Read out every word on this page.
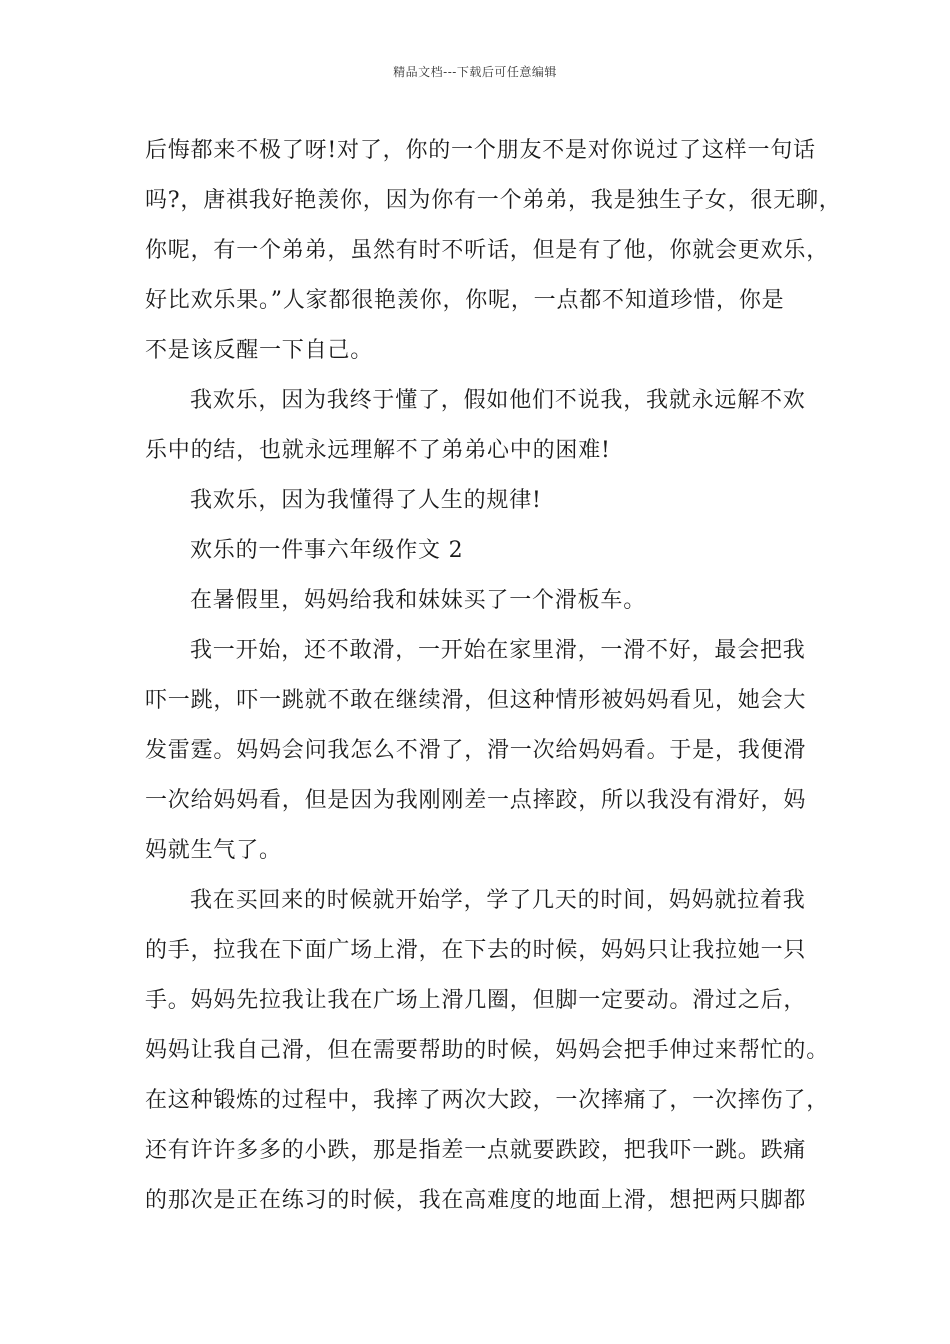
精品文档---下载后可任意编辑
后悔都来不极了呀!对了，你的一个朋友不是对你说过了这样一句话
吗?，唐祺我好艳羡你，因为你有一个弟弟，我是独生子女，很无聊，
你呢，有一个弟弟，虽然有时不听话，但是有了他，你就会更欢乐，
好比欢乐果。”人家都很艳羡你，你呢，一点都不知道珍惜，你是
不是该反醒一下自己。
我欢乐，因为我终于懂了，假如他们不说我，我就永远解不欢
乐中的结，也就永远理解不了弟弟心中的困难!
我欢乐，因为我懂得了人生的规律!
欢乐的一件事六年级作文 2
在暑假里，妈妈给我和妹妹买了一个滑板车。
我一开始，还不敢滑，一开始在家里滑，一滑不好，最会把我
吓一跳，吓一跳就不敢在继续滑，但这种情形被妈妈看见，她会大
发雷霆。妈妈会问我怎么不滑了，滑一次给妈妈看。于是，我便滑
一次给妈妈看，但是因为我刚刚差一点摔跤，所以我没有滑好，妈
妈就生气了。
我在买回来的时候就开始学，学了几天的时间，妈妈就拉着我
的手，拉我在下面广场上滑，在下去的时候，妈妈只让我拉她一只
手。妈妈先拉我让我在广场上滑几圈，但脚一定要动。滑过之后，
妈妈让我自己滑，但在需要帮助的时候，妈妈会把手伸过来帮忙的。
在这种锻炼的过程中，我摔了两次大跤，一次摔痛了，一次摔伤了，
还有许许多多的小跌，那是指差一点就要跌跤，把我吓一跳。跌痛
的那次是正在练习的时候，我在高难度的地面上滑，想把两只脚都
